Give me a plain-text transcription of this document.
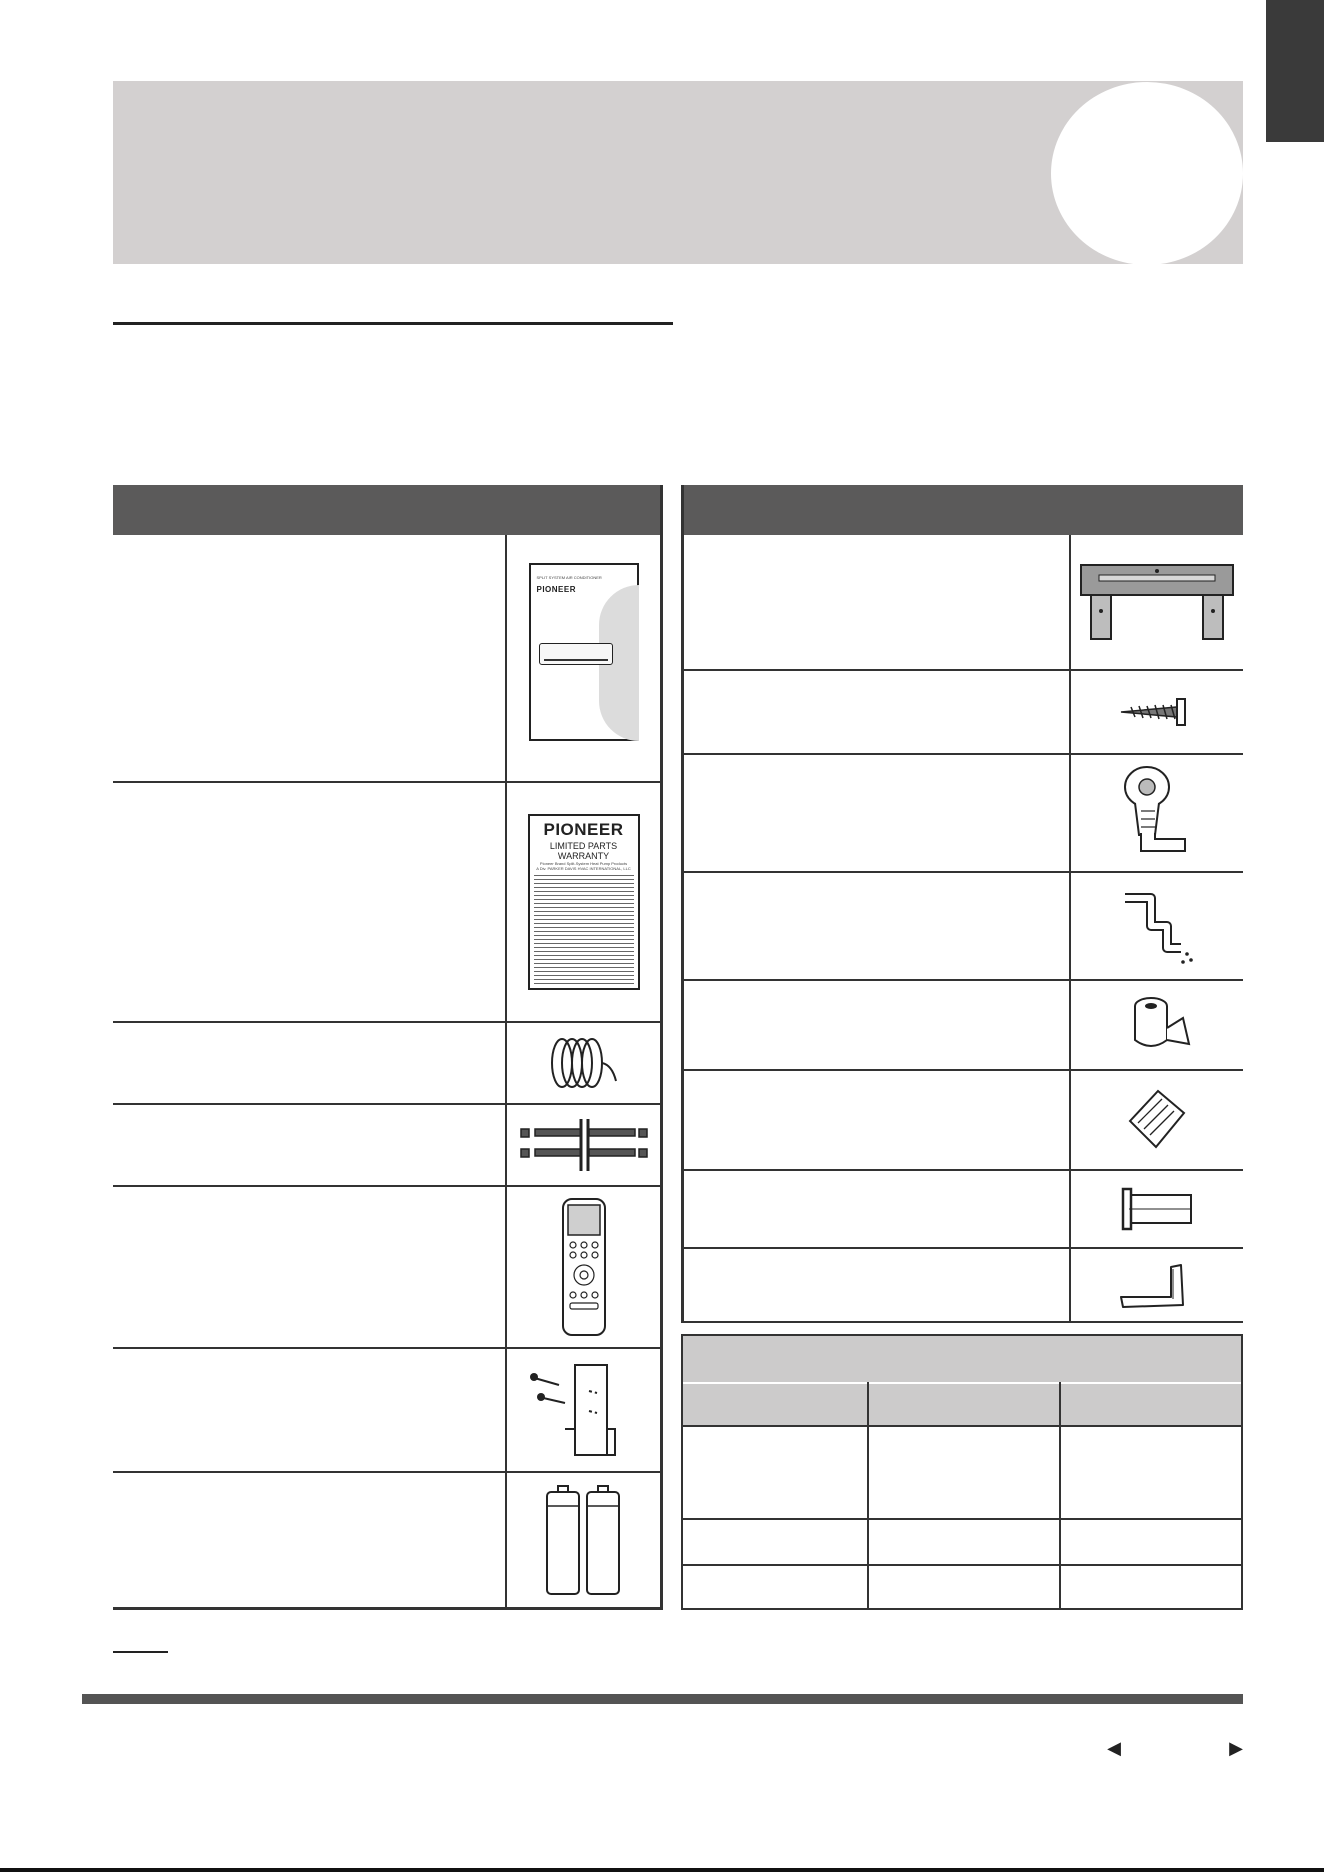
SPLIT SYSTEM AIR CONDITIONER
PIONEER
PIONEER
LIMITED PARTS WARRANTY
Pioneer Brand Split-System Heat Pump Products
A Div. PARKER DAVIS HVAC INTERNATIONAL, LLC
◀	▶
